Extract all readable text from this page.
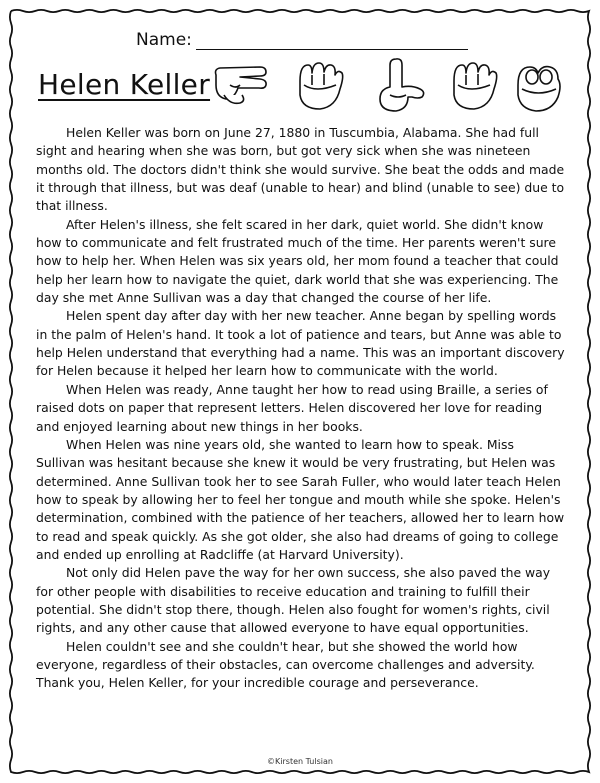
Name:
Helen Keller

Helen Keller was born on June 27, 1880 in Tuscumbia, Alabama. She had full sight and hearing when she was born, but got very sick when she was nineteen months old. The doctors didn't think she would survive. She beat the odds and made it through that illness, but was deaf (unable to hear) and blind (unable to see) due to that illness.

After Helen's illness, she felt scared in her dark, quiet world. She didn't know how to communicate and felt frustrated much of the time. Her parents weren't sure how to help her. When Helen was six years old, her mom found a teacher that could help her learn how to navigate the quiet, dark world that she was experiencing. The day she met Anne Sullivan was a day that changed the course of her life.

Helen spent day after day with her new teacher. Anne began by spelling words in the palm of Helen's hand. It took a lot of patience and tears, but Anne was able to help Helen understand that everything had a name. This was an important discovery for Helen because it helped her learn how to communicate with the world.

When Helen was ready, Anne taught her how to read using Braille, a series of raised dots on paper that represent letters. Helen discovered her love for reading and enjoyed learning about new things in her books.

When Helen was nine years old, she wanted to learn how to speak. Miss Sullivan was hesitant because she knew it would be very frustrating, but Helen was determined. Anne Sullivan took her to see Sarah Fuller, who would later teach Helen how to speak by allowing her to feel her tongue and mouth while she spoke. Helen's determination, combined with the patience of her teachers, allowed her to learn how to read and speak quickly. As she got older, she also had dreams of going to college and ended up enrolling at Radcliffe (at Harvard University).

Not only did Helen pave the way for her own success, she also paved the way for other people with disabilities to receive education and training to fulfill their potential. She didn't stop there, though. Helen also fought for women's rights, civil rights, and any other cause that allowed everyone to have equal opportunities.

Helen couldn't see and she couldn't hear, but she showed the world how everyone, regardless of their obstacles, can overcome challenges and adversity. Thank you, Helen Keller, for your incredible courage and perseverance.

©Kirsten Tulsian
